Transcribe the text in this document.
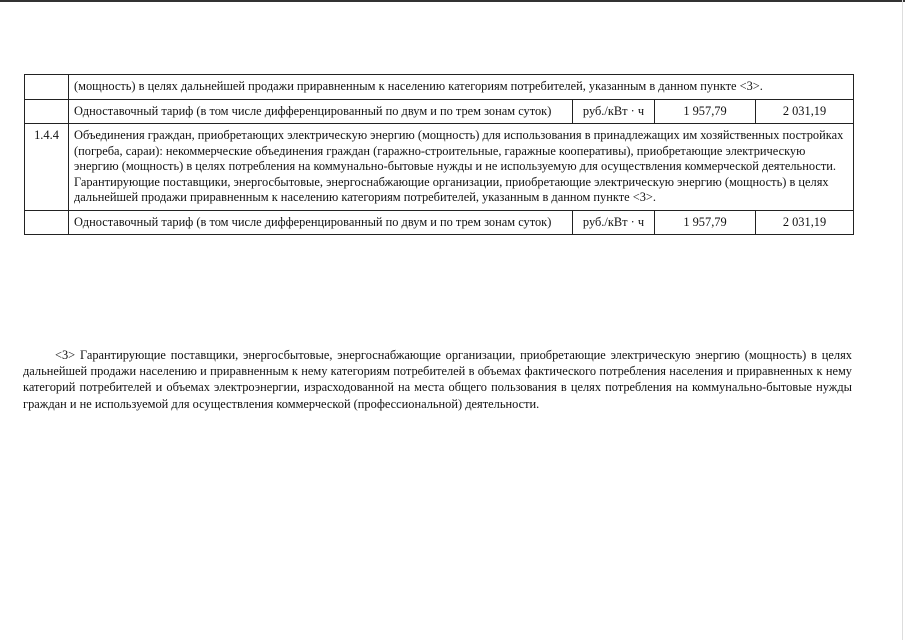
	(мощность) в целях дальнейшей продажи приравненным к населению категориям потребителей, указанным в данном пункте <3>.			
	Одноставочный тариф (в том числе дифференцированный по двум и по трем зонам суток)	руб./кВт · ч	1 957,79	2 031,19
1.4.4	Объединения граждан, приобретающих электрическую энергию (мощность) для использования в принадлежащих им хозяйственных постройках (погреба, сараи): некоммерческие объединения граждан (гаражно-строительные, гаражные кооперативы), приобретающие электрическую энергию (мощность) в целях потребления на коммунально-бытовые нужды и не используемую для осуществления коммерческой деятельности.
Гарантирующие поставщики, энергосбытовые, энергоснабжающие организации, приобретающие электрическую энергию (мощность) в целях дальнейшей продажи приравненным к населению категориям потребителей, указанным в данном пункте <3>.			

	Одноставочный тариф (в том числе дифференцированный по двум и по трем зонам суток)	руб./кВт · ч	1 957,79	2 031,19
<3> Гарантирующие поставщики, энергосбытовые, энергоснабжающие организации, приобретающие электрическую энергию (мощность) в целях дальнейшей продажи населению и приравненным к нему категориям потребителей в объемах фактического потребления населения и приравненных к нему категорий потребителей и объемах электроэнергии, израсходованной на места общего пользования в целях потребления на коммунально-бытовые нужды граждан и не используемой для осуществления коммерческой (профессиональной) деятельности.
